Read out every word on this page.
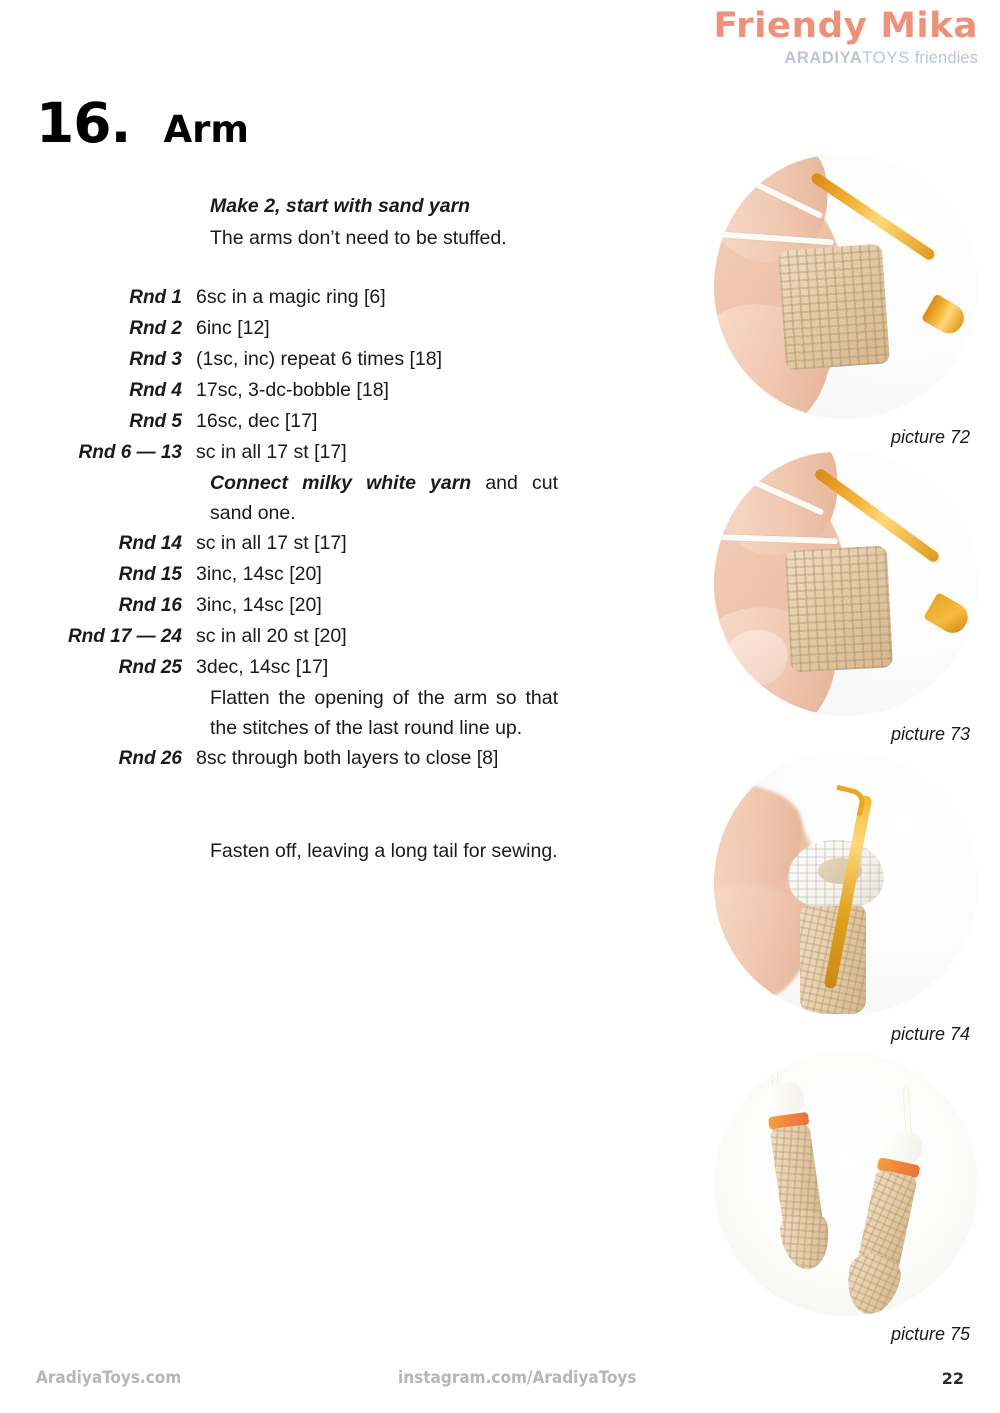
Friendy Mika
ARADIYATOYS friendies
16. Arm
Make 2, start with sand yarn
The arms don’t need to be stuffed.
Rnd 1 6sc in a magic ring [6]
Rnd 2 6inc [12]
Rnd 3 (1sc, inc) repeat 6 times [18]
Rnd 4 17sc, 3-dc-bobble [18]
Rnd 5 16sc, dec [17]
Rnd 6 — 13 sc in all 17 st [17]
Connect milky white yarn and cut sand one.
Rnd 14 sc in all 17 st [17]
Rnd 15 3inc, 14sc [20]
Rnd 16 3inc, 14sc [20]
Rnd 17 — 24 sc in all 20 st [20]
Rnd 25 3dec, 14sc [17]
Flatten the opening of the arm so that the stitches of the last round line up.
Rnd 26 8sc through both layers to close [8]
Fasten off, leaving a long tail for sewing.
picture 72
picture 73
picture 74
picture 75
AradiyaToys.com	instagram.com/AradiyaToys	22
